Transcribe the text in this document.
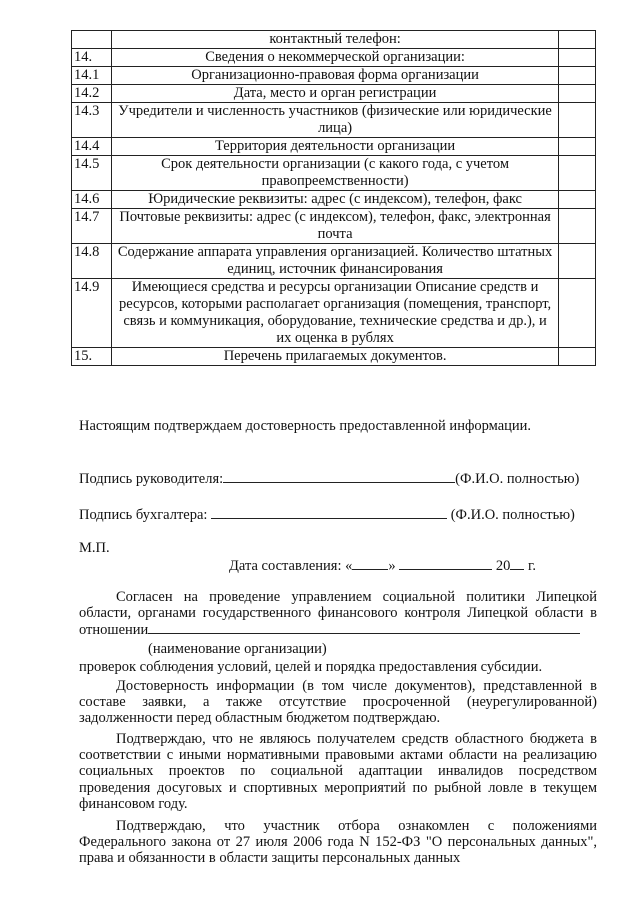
	контактный телефон:	
14.	Сведения о некоммерческой организации:	
14.1	Организационно-правовая форма организации	
14.2	Дата, место и орган регистрации	
14.3	Учредители и численность участников (физические или юридические лица)	
14.4	Территория деятельности организации	
14.5	Срок деятельности организации (с какого года, с учетом правопреемственности)	
14.6	Юридические реквизиты: адрес (с индексом), телефон, факс	
14.7	Почтовые реквизиты: адрес (с индексом), телефон, факс, электронная почта	
14.8	Содержание аппарата управления организацией. Количество штатных единиц, источник финансирования	
14.9	Имеющиеся средства и ресурсы организации Описание средств и ресурсов, которыми располагает организация (помещения, транспорт, связь и коммуникация, оборудование, технические средства и др.), и их оценка в рублях	
15.	Перечень прилагаемых документов.	
Настоящим подтверждаем достоверность предоставленной информации.
Подпись руководителя:	(Ф.И.О. полностью)
Подпись бухгалтера:	(Ф.И.О. полностью)
М.П.
Дата составления: « »	20 г.

Согласен на проведение управлением социальной политики Липецкой области, органами государственного финансового контроля Липецкой области в отношении

(наименование организации)
проверок соблюдения условий, целей и порядка предоставления субсидии.

Достоверность информации (в том числе документов), представленной в составе заявки, а также отсутствие просроченной (неурегулированной) задолженности перед областным бюджетом подтверждаю.

Подтверждаю, что не являюсь получателем средств областного бюджета в соответствии с иными нормативными правовыми актами области на реализацию социальных проектов по социальной адаптации инвалидов посредством проведения досуговых и спортивных мероприятий по рыбной ловле в текущем финансовом году.

Подтверждаю, что участник отбора ознакомлен с положениями Федерального закона от 27 июля 2006 года N 152-ФЗ "О персональных данных", права и обязанности в области защиты персональных данных
